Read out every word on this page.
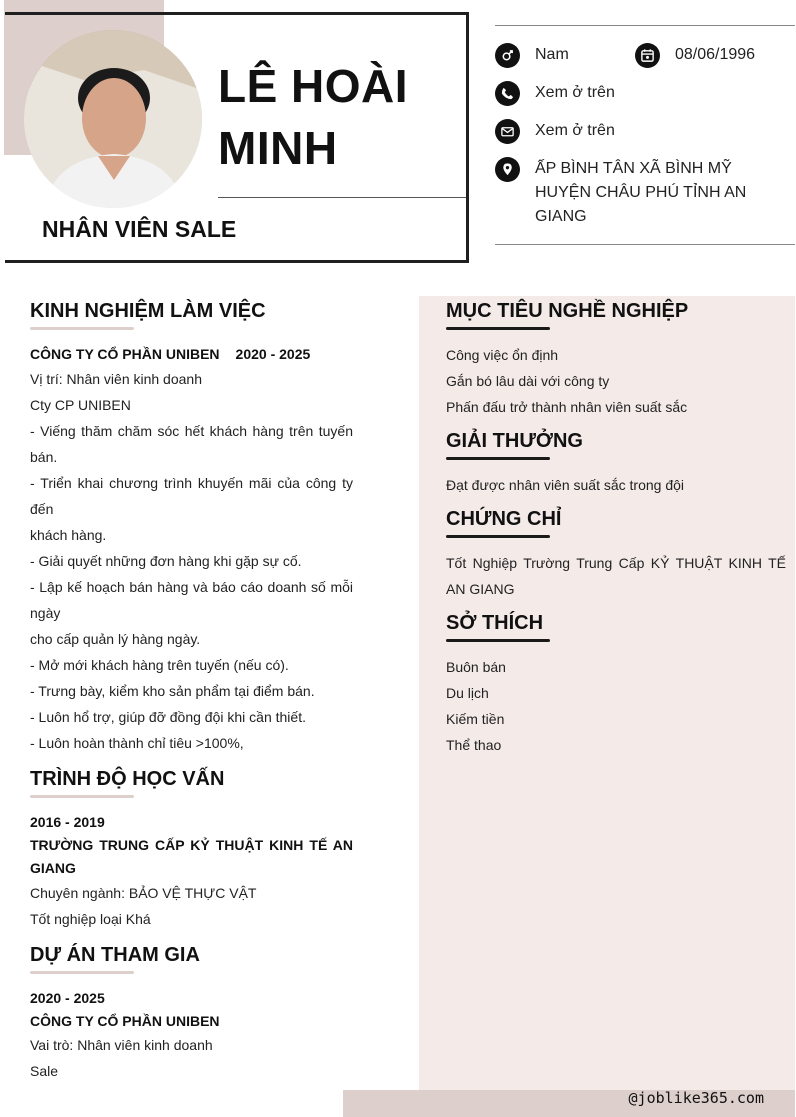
LÊ HOÀI
MINH
NHÂN VIÊN SALE
Nam	08/06/1996
Xem ở trên
Xem ở trên
ẤP BÌNH TÂN XÃ BÌNH MỸ HUYỆN CHÂU PHÚ TỈNH AN GIANG
@joblike365.com
KINH NGHIỆM LÀM VIỆC
CÔNG TY CỔ PHẦN UNIBEN 2020 - 2025
Vị trí: Nhân viên kinh doanh
Cty CP UNIBEN
- Viếng thăm chăm sóc hết khách hàng trên tuyến bán.
- Triển khai chương trình khuyến mãi của công ty đến
khách hàng.
- Giải quyết những đơn hàng khi gặp sự cố.
- Lập kế hoạch bán hàng và báo cáo doanh số mỗi ngày
cho cấp quản lý hàng ngày.
- Mở mới khách hàng trên tuyến (nếu có).
- Trưng bày, kiểm kho sản phẩm tại điểm bán.
- Luôn hổ trợ, giúp đỡ đồng đội khi cần thiết.
- Luôn hoàn thành chỉ tiêu >100%,
TRÌNH ĐỘ HỌC VẤN
2016 - 2019
TRƯỜNG TRUNG CẤP KỶ THUẬT KINH TẾ AN GIANG
Chuyên ngành: BẢO VỆ THỰC VẬT
Tốt nghiệp loại Khá
DỰ ÁN THAM GIA
2020 - 2025
CÔNG TY CỔ PHẦN UNIBEN
Vai trò: Nhân viên kinh doanh
Sale
MỤC TIÊU NGHỀ NGHIỆP
Công việc ổn định
Gắn bó lâu dài với công ty
Phấn đấu trở thành nhân viên suất sắc
GIẢI THƯỞNG
Đạt được nhân viên suất sắc trong đội
CHỨNG CHỈ
Tốt Nghiệp Trường Trung Cấp KỶ THUẬT KINH TẾ AN GIANG
SỞ THÍCH
Buôn bán
Du lịch
Kiếm tiền
Thể thao
